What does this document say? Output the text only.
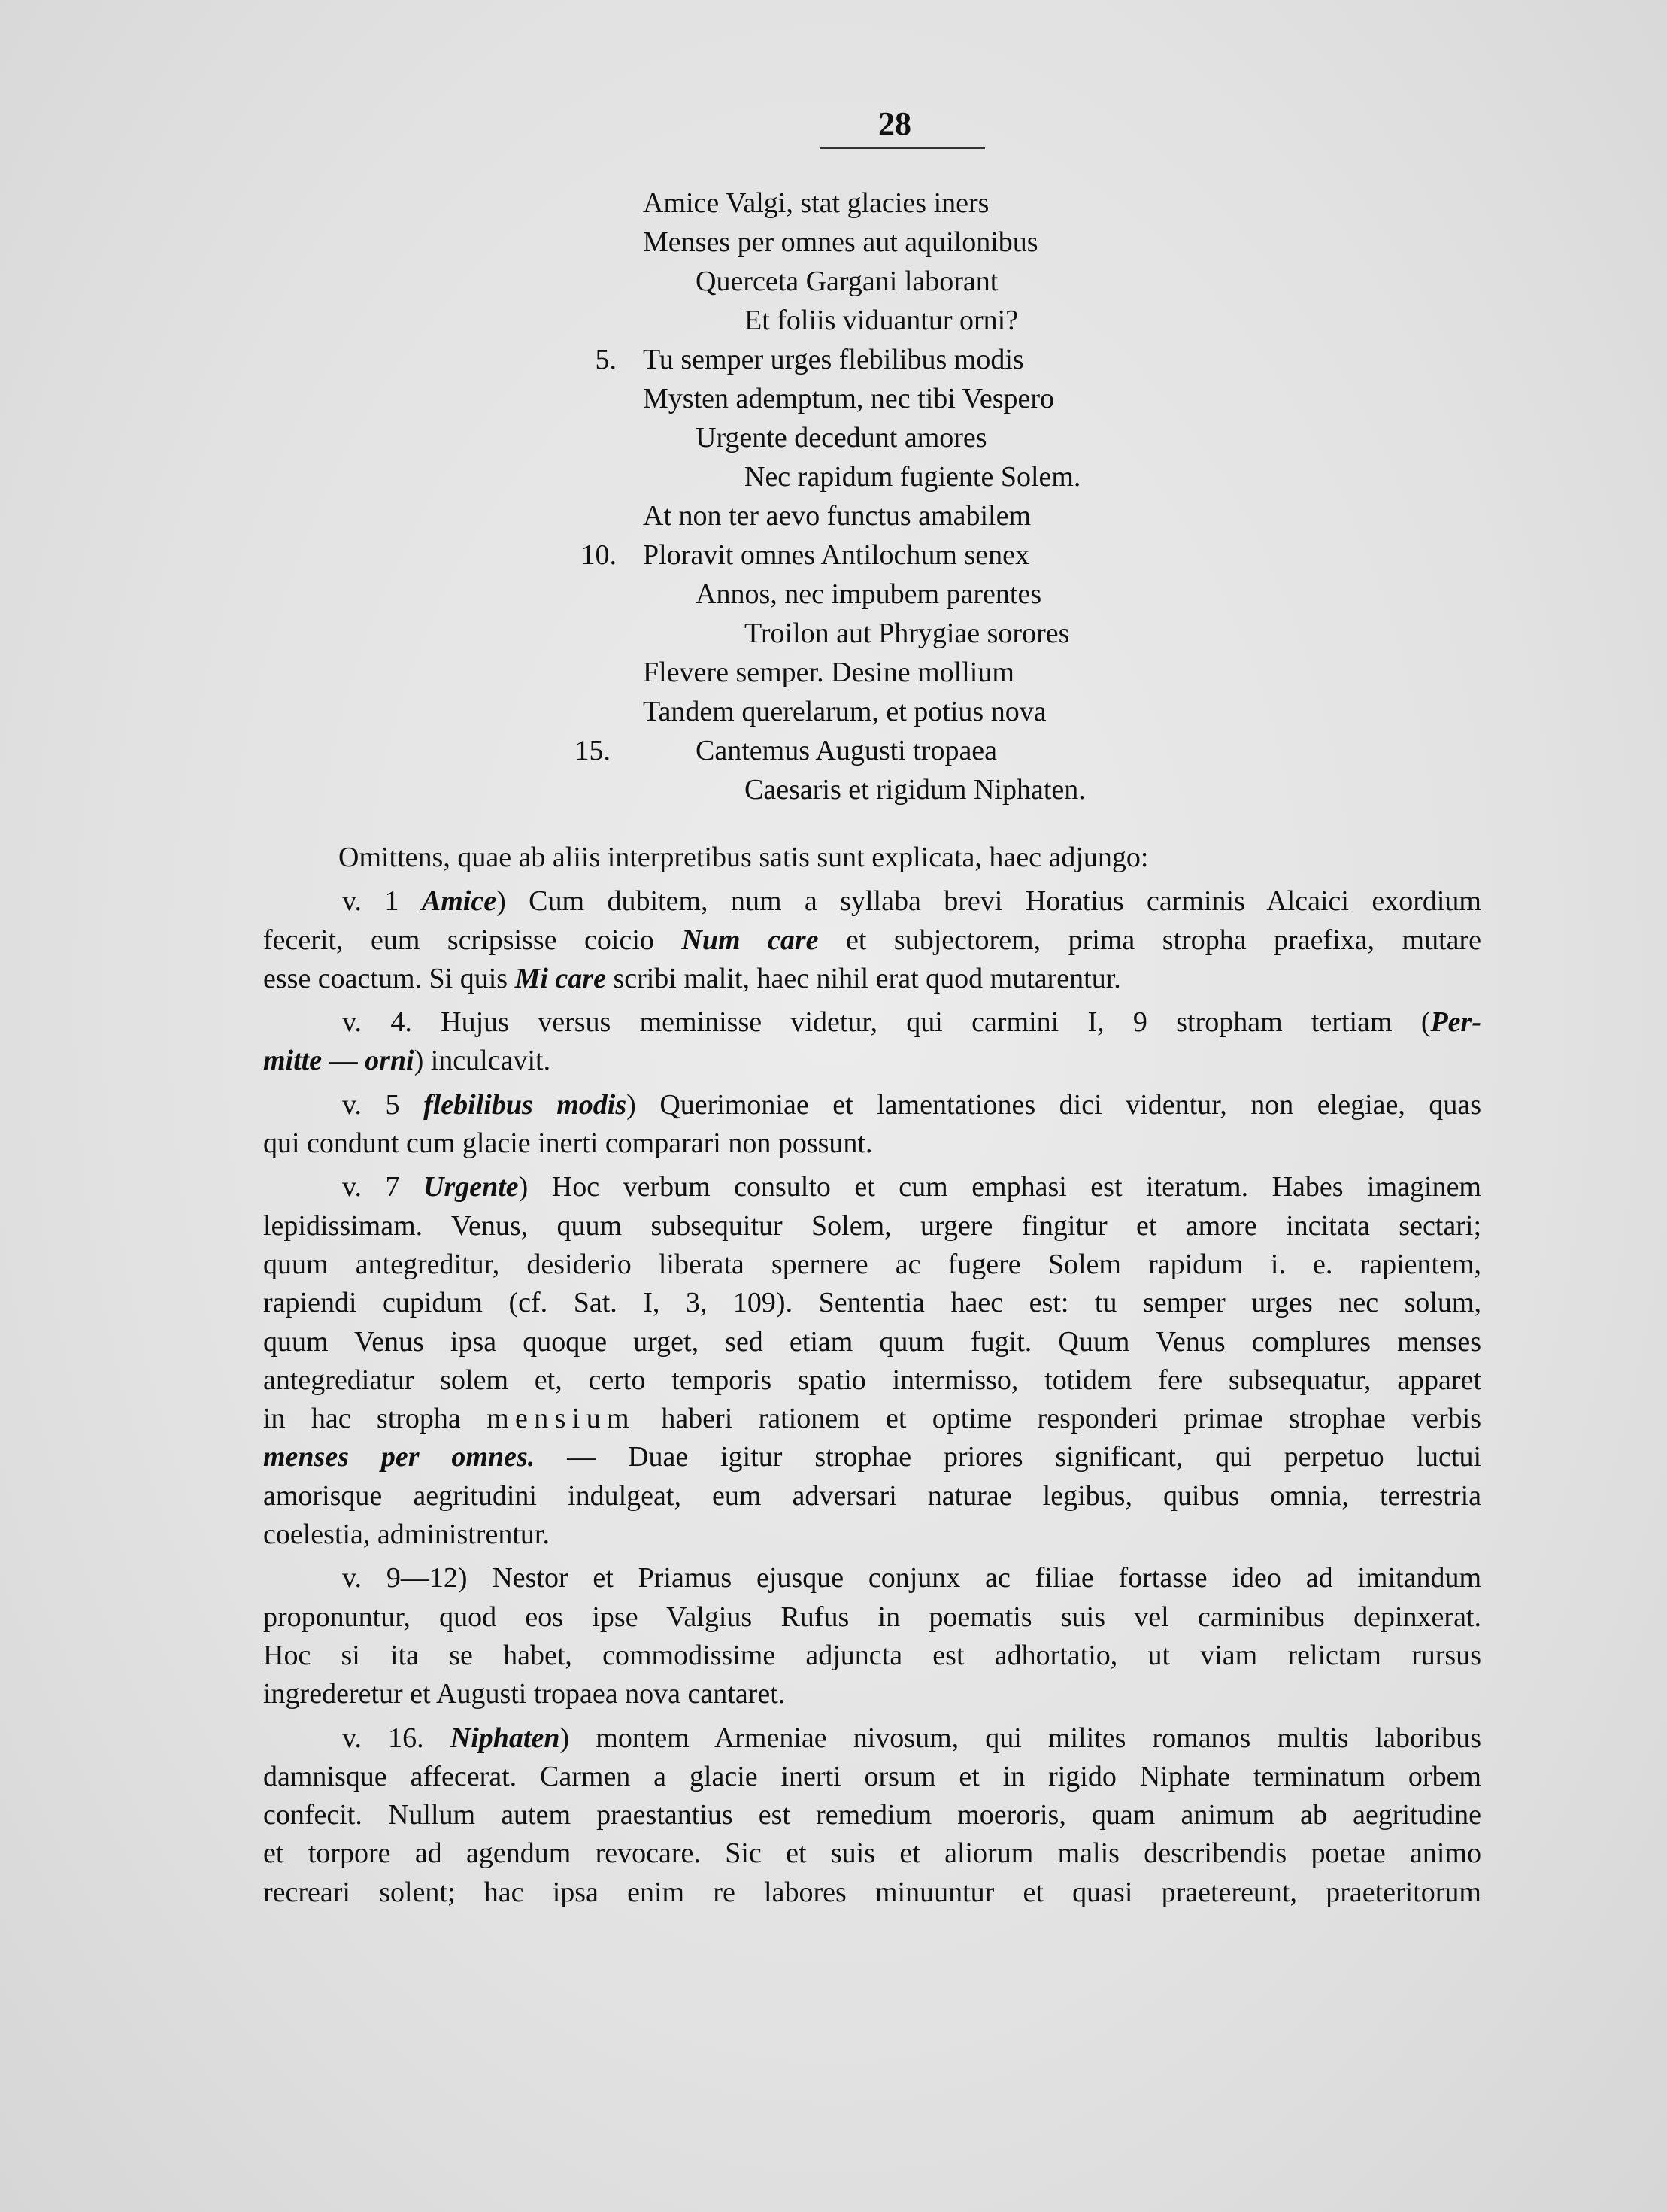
28
Amice Valgi, stat glacies iners
Menses per omnes aut aquilonibus
Querceta Gargani laborant
Et foliis viduantur orni?
5. Tu semper urges flebilibus modis
Mysten ademptum, nec tibi Vespero
Urgente decedunt amores
Nec rapidum fugiente Solem.
At non ter aevo functus amabilem
10. Ploravit omnes Antilochum senex
Annos, nec impubem parentes
Troilon aut Phrygiae sorores
Flevere semper. Desine mollium
Tandem querelarum, et potius nova
15.	Cantemus Augusti tropaea
Caesaris et rigidum Niphaten.

Omittens, quae ab aliis interpretibus satis sunt explicata, haec adjungo:

v. 1 Amice) Cum dubitem, num a syllaba brevi Horatius carminis Alcaici exordium

fecerit, eum scripsisse coicio Num care et subjectorem, prima stropha praefixa, mutare

esse coactum. Si quis Mi care scribi malit, haec nihil erat quod mutarentur.

v. 4. Hujus versus meminisse videtur, qui carmini I, 9 stropham tertiam (Per-

mitte — orni) inculcavit.

v. 5 flebilibus modis) Querimoniae et lamentationes dici videntur, non elegiae, quas

qui condunt cum glacie inerti comparari non possunt.

v. 7 Urgente) Hoc verbum consulto et cum emphasi est iteratum. Habes imaginem

lepidissimam. Venus, quum subsequitur Solem, urgere fingitur et amore incitata sectari;

quum antegreditur, desiderio liberata spernere ac fugere Solem rapidum i. e. rapientem,

rapiendi cupidum (cf. Sat. I, 3, 109). Sententia haec est: tu semper urges nec solum,

quum Venus ipsa quoque urget, sed etiam quum fugit. Quum Venus complures menses

antegrediatur solem et, certo temporis spatio intermisso, totidem fere subsequatur, apparet

in hac stropha mensium haberi rationem et optime responderi primae strophae verbis

menses per omnes. — Duae igitur strophae priores significant, qui perpetuo luctui

amorisque aegritudini indulgeat, eum adversari naturae legibus, quibus omnia, terrestria

coelestia, administrentur.

v. 9—12) Nestor et Priamus ejusque conjunx ac filiae fortasse ideo ad imitandum

proponuntur, quod eos ipse Valgius Rufus in poematis suis vel carminibus depinxerat.

Hoc si ita se habet, commodissime adjuncta est adhortatio, ut viam relictam rursus

ingrederetur et Augusti tropaea nova cantaret.

v. 16. Niphaten) montem Armeniae nivosum, qui milites romanos multis laboribus

damnisque affecerat. Carmen a glacie inerti orsum et in rigido Niphate terminatum orbem

confecit. Nullum autem praestantius est remedium moeroris, quam animum ab aegritudine

et torpore ad agendum revocare. Sic et suis et aliorum malis describendis poetae animo

recreari solent; hac ipsa enim re labores minuuntur et quasi praetereunt, praeteritorum
